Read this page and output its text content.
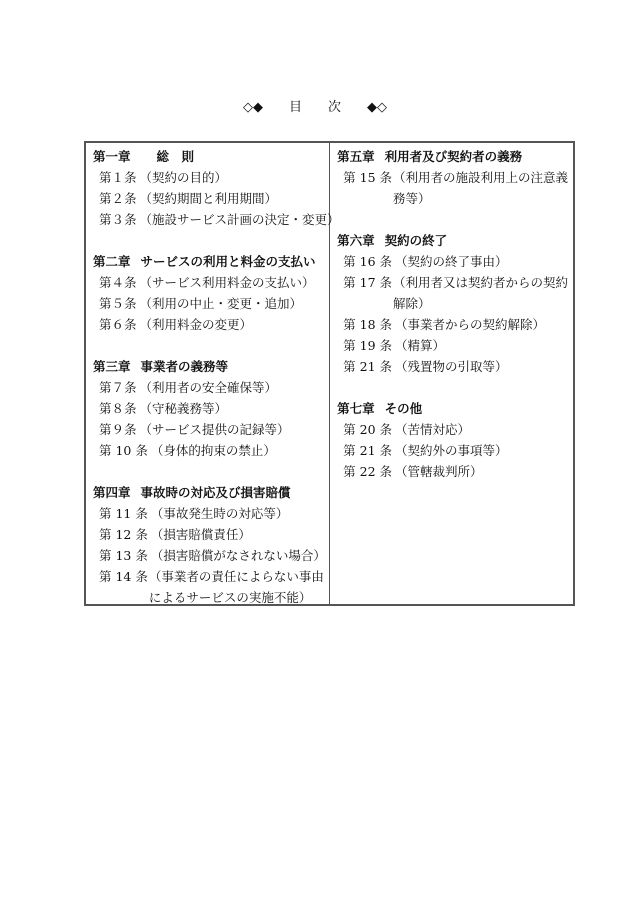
◇◆　　目　　次　　◆◇
第一章 総　則
第１条 （契約の目的）
第２条 （契約期間と利用期間）
第３条 （施設サービス計画の決定・変更）
第二章 サービスの利用と料金の支払い
第４条 （サービス利用料金の支払い）
第５条 （利用の中止・変更・追加）
第６条 （利用料金の変更）
第三章 事業者の義務等
第７条 （利用者の安全確保等）
第８条 （守秘義務等）
第９条 （サービス提供の記録等）
第 10 条 （身体的拘束の禁止）
第四章 事故時の対応及び損害賠償
第 11 条 （事故発生時の対応等）
第 12 条 （損害賠償責任）
第 13 条 （損害賠償がなされない場合）
第 14 条 （事業者の責任によらない事由によるサービスの実施不能）
第五章 利用者及び契約者の義務
第 15 条 （利用者の施設利用上の注意義務等）
第六章 契約の終了
第 16 条 （契約の終了事由）
第 17 条 （利用者又は契約者からの契約解除）
第 18 条 （事業者からの契約解除）
第 19 条 （精算）
第 21 条 （残置物の引取等）
第七章 その他
第 20 条 （苦情対応）
第 21 条 （契約外の事項等）
第 22 条 （管轄裁判所）
